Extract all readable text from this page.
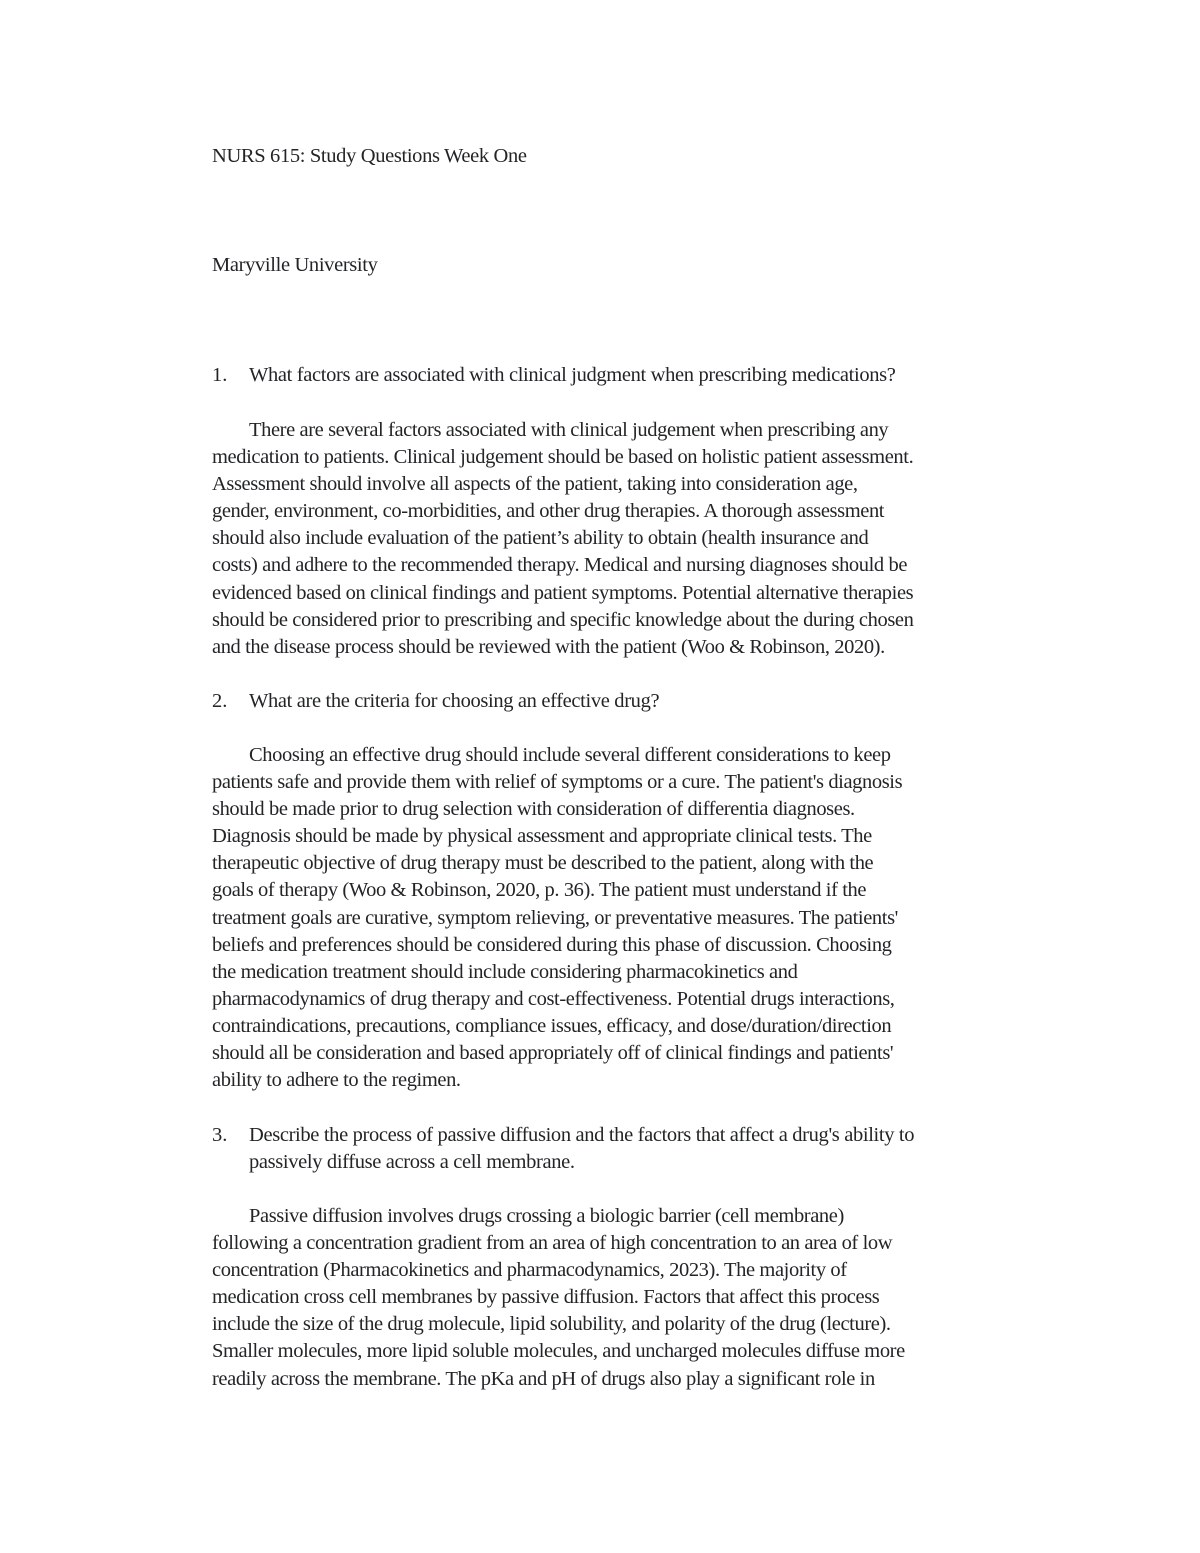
NURS 615: Study Questions Week One
Maryville University
1. What factors are associated with clinical judgment when prescribing medications?
There are several factors associated with clinical judgement when prescribing any
medication to patients. Clinical judgement should be based on holistic patient assessment.
Assessment should involve all aspects of the patient, taking into consideration age,
gender, environment, co-morbidities, and other drug therapies. A thorough assessment
should also include evaluation of the patient’s ability to obtain (health insurance and
costs) and adhere to the recommended therapy. Medical and nursing diagnoses should be
evidenced based on clinical findings and patient symptoms. Potential alternative therapies
should be considered prior to prescribing and specific knowledge about the during chosen
and the disease process should be reviewed with the patient (Woo & Robinson, 2020).
2. What are the criteria for choosing an effective drug?
Choosing an effective drug should include several different considerations to keep
patients safe and provide them with relief of symptoms or a cure. The patient's diagnosis
should be made prior to drug selection with consideration of differentia diagnoses.
Diagnosis should be made by physical assessment and appropriate clinical tests. The
therapeutic objective of drug therapy must be described to the patient, along with the
goals of therapy (Woo & Robinson, 2020, p. 36). The patient must understand if the
treatment goals are curative, symptom relieving, or preventative measures. The patients'
beliefs and preferences should be considered during this phase of discussion. Choosing
the medication treatment should include considering pharmacokinetics and
pharmacodynamics of drug therapy and cost-effectiveness. Potential drugs interactions,
contraindications, precautions, compliance issues, efficacy, and dose/duration/direction
should all be consideration and based appropriately off of clinical findings and patients'
ability to adhere to the regimen.
3. Describe the process of passive diffusion and the factors that affect a drug's ability to
passively diffuse across a cell membrane.
Passive diffusion involves drugs crossing a biologic barrier (cell membrane)
following a concentration gradient from an area of high concentration to an area of low
concentration (Pharmacokinetics and pharmacodynamics, 2023). The majority of
medication cross cell membranes by passive diffusion. Factors that affect this process
include the size of the drug molecule, lipid solubility, and polarity of the drug (lecture).
Smaller molecules, more lipid soluble molecules, and uncharged molecules diffuse more
readily across the membrane. The pKa and pH of drugs also play a significant role in
